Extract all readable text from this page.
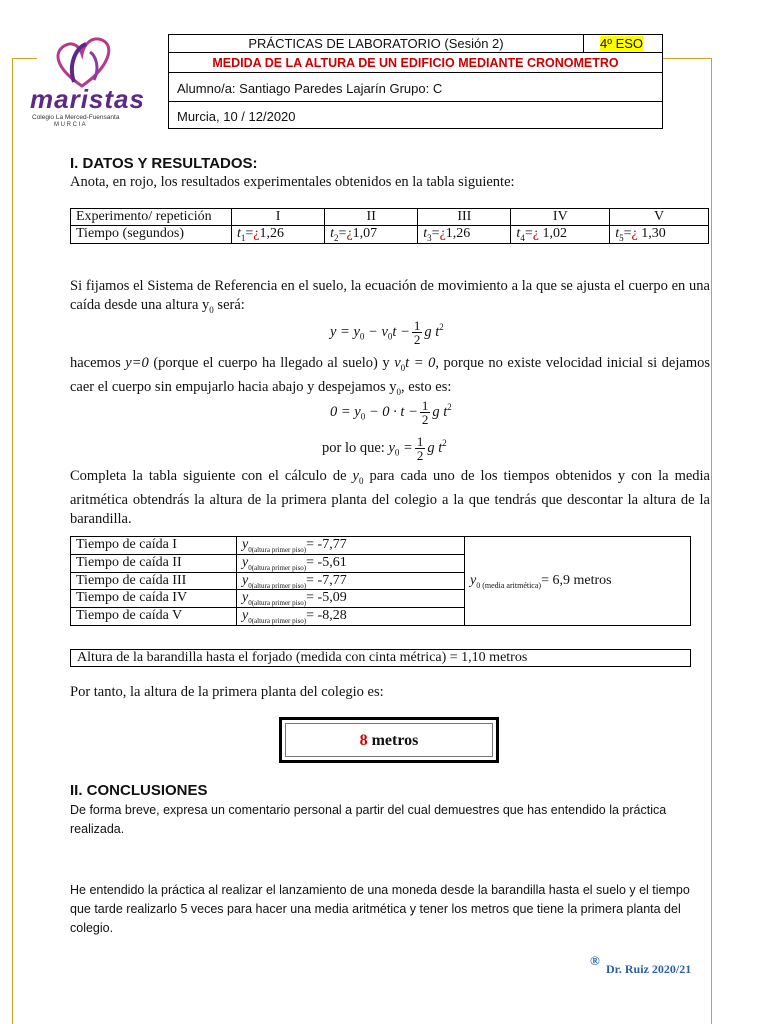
maristas
Colegio La Merced-Fuensanta
M U R C I A
PRÁCTICAS DE LABORATORIO (Sesión 2)	4º ESO
MEDIDA DE LA ALTURA DE UN EDIFICIO MEDIANTE CRONOMETRO
Alumno/a: Santiago Paredes Lajarín Grupo: C
Murcia, 10 / 12/2020
I. DATOS Y RESULTADOS:
Anota, en rojo, los resultados experimentales obtenidos en la tabla siguiente:
Experimento/ repetición	I	II	III	IV	V
Tiempo (segundos)	$t_1=¿1,26$	$t_2=¿1,07$	$t_3=¿1,26$	$t_4=¿$ 1,02	$t_5=¿$ 1,30
Si fijamos el Sistema de Referencia en el suelo, la ecuación de movimiento a la que se ajusta el cuerpo en una caída desde una altura $y_0$ será:
$y = y_0 - v_0t - \frac{1}{2}$ g $t^2$
hacemos y=0 (porque el cuerpo ha llegado al suelo) y $v_0t = 0$, porque no existe velocidad inicial si dejamos caer el cuerpo sin empujarlo hacia abajo y despejamos $y_0$, esto es:
$0 = y_0 - 0 \cdot t - \frac{1}{2}$ g $t^2$
por lo que: $y_0 = \frac{1}{2}$ g $t^2$
Completa la tabla siguiente con el cálculo de $y_0$ para cada uno de los tiempos obtenidos y con la media aritmética obtendrás la altura de la primera planta del colegio a la que tendrás que descontar la altura de la barandilla.
Tiempo de caída I	$y_{0(altura primer piso)}= -7,77$	$y_{0 (media aritmética)}= 6,9$ metros
Tiempo de caída II	$y_{0(altura primer piso)}= -5,61$	
Tiempo de caída III	$y_{0(altura primer piso)}= -7,77$	
Tiempo de caída IV	$y_{0(altura primer piso)}= -5,09$	
Tiempo de caída V	$y_{0(altura primer piso)}= -8,28$	
Altura de la barandilla hasta el forjado (medida con cinta métrica) = 1,10 metros
Por tanto, la altura de la primera planta del colegio es:
8 metros
II. CONCLUSIONES
De forma breve, expresa un comentario personal a partir del cual demuestres que has entendido la práctica realizada.
He entendido la práctica al realizar el lanzamiento de una moneda desde la barandilla hasta el suelo y el tiempo que tarde realizarlo 5 veces para hacer una media aritmética y tener los metros que tiene la primera planta del colegio.
®
Dr. Ruiz 2020/21
